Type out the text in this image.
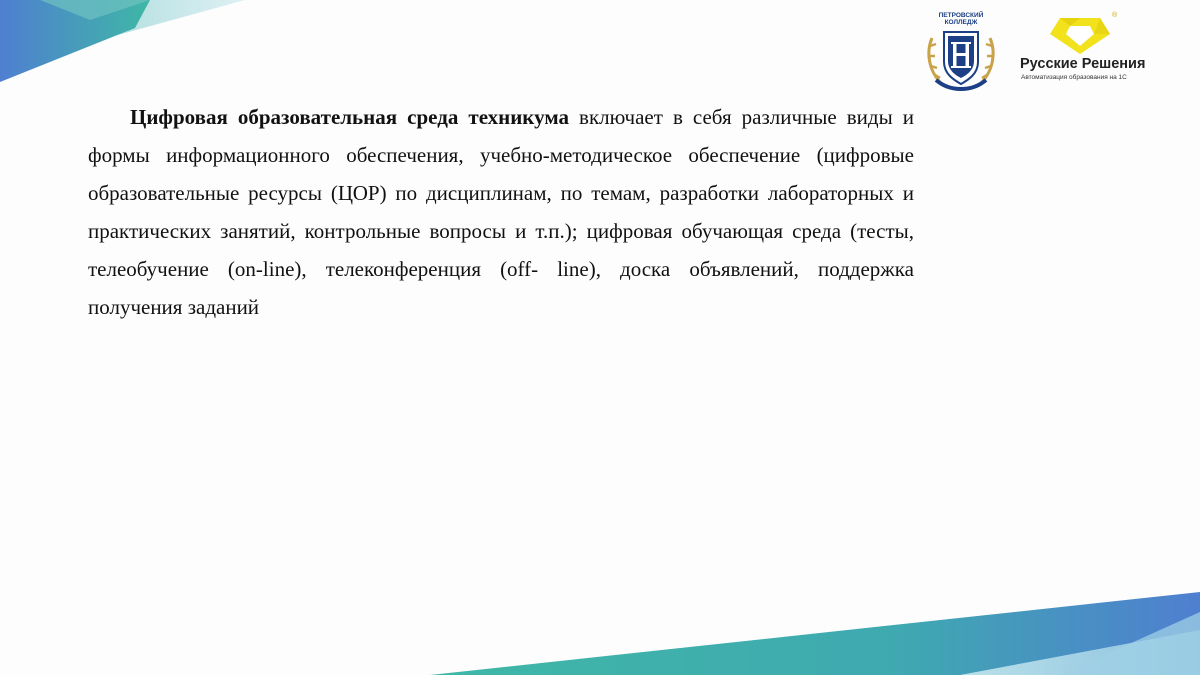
ПЕТРОВСКИЙ
КОЛЛЕДЖ

®

Русские Решения

Автоматизация образования на 1С

Цифровая образовательная среда техникума включает в себя различные виды и формы информационного обеспечения, учебно-методическое обеспечение (цифровые образовательные ресурсы (ЦОР) по дисциплинам, по темам, разработки лабораторных и практических занятий, контрольные вопросы и т.п.); цифровая обучающая среда (тесты, телеобучение (on-line), телеконференция (off- line), доска объявлений, поддержка получения заданий
